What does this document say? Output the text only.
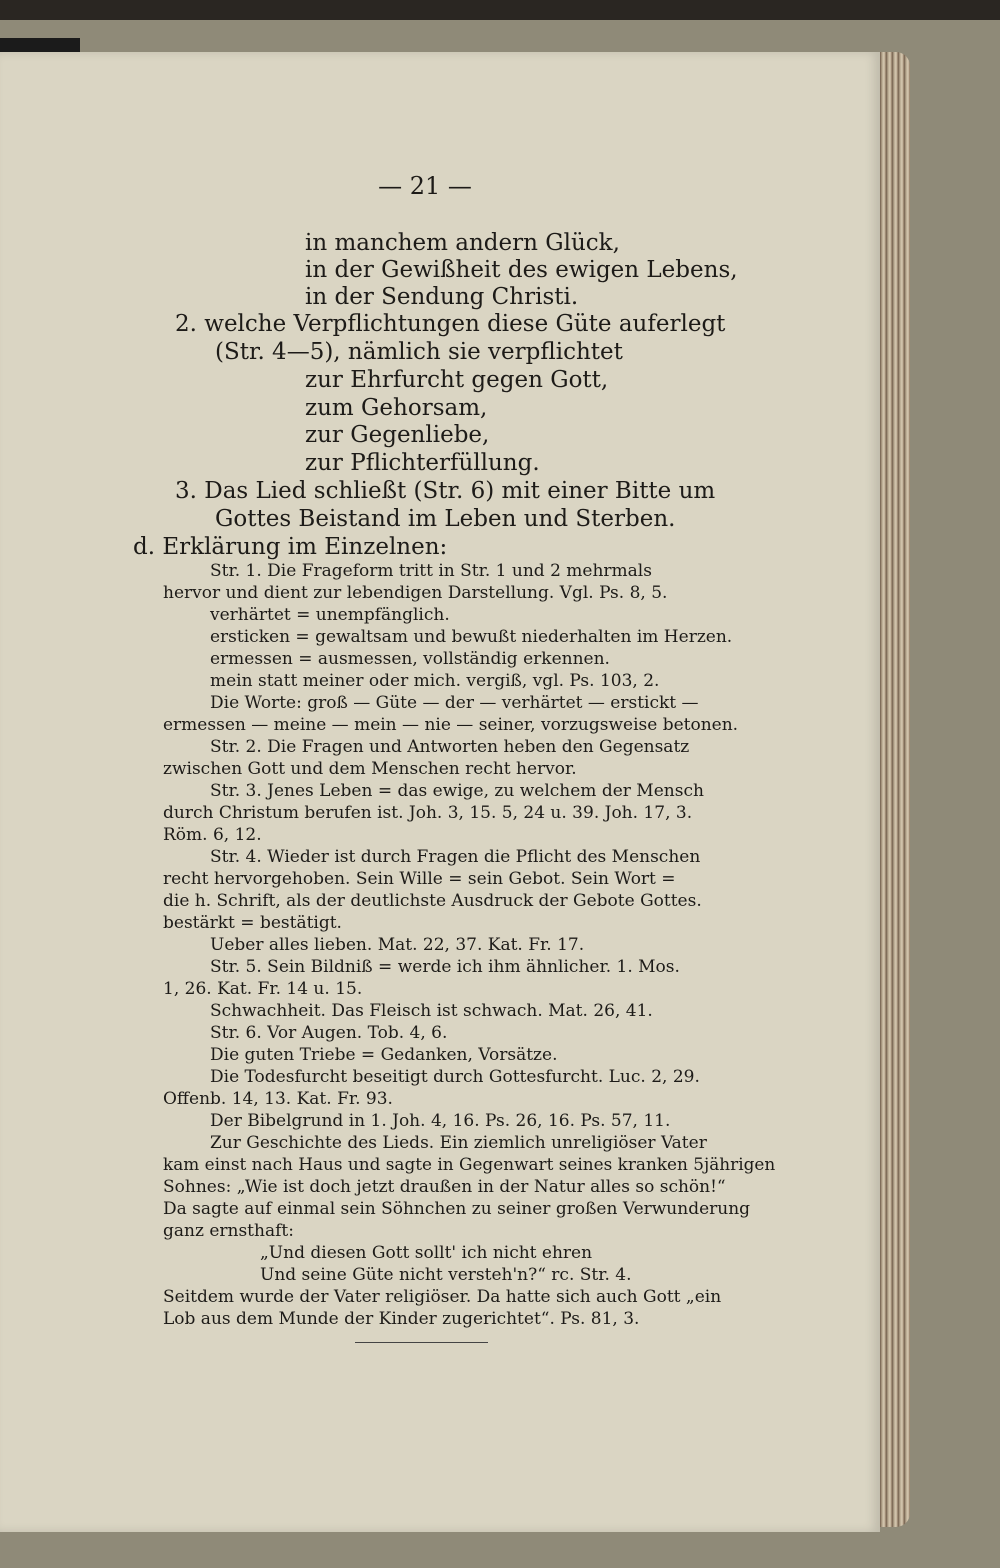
— 21 —
in manchem andern Glück,
in der Gewißheit des ewigen Lebens,
in der Sendung Christi.
2. welche Verpflichtungen diese Güte auferlegt
(Str. 4—5), nämlich sie verpflichtet
zur Ehrfurcht gegen Gott,
zum Gehorsam,
zur Gegenliebe,
zur Pflichterfüllung.
3. Das Lied schließt (Str. 6) mit einer Bitte um
Gottes Beistand im Leben und Sterben.
d. Erklärung im Einzelnen:
Str. 1. Die Frageform tritt in Str. 1 und 2 mehrmals
hervor und dient zur lebendigen Darstellung. Vgl. Ps. 8, 5.
verhärtet = unempfänglich.
ersticken = gewaltsam und bewußt niederhalten im Herzen.
ermessen = ausmessen, vollständig erkennen.
mein statt meiner oder mich. vergiß, vgl. Ps. 103, 2.
Die Worte: groß — Güte — der — verhärtet — erstickt —
ermessen — meine — mein — nie — seiner, vorzugsweise betonen.
Str. 2. Die Fragen und Antworten heben den Gegensatz
zwischen Gott und dem Menschen recht hervor.
Str. 3. Jenes Leben = das ewige, zu welchem der Mensch
durch Christum berufen ist. Joh. 3, 15. 5, 24 u. 39. Joh. 17, 3.
Röm. 6, 12.
Str. 4. Wieder ist durch Fragen die Pflicht des Menschen
recht hervorgehoben. Sein Wille = sein Gebot. Sein Wort =
die h. Schrift, als der deutlichste Ausdruck der Gebote Gottes.
bestärkt = bestätigt.
Ueber alles lieben. Mat. 22, 37. Kat. Fr. 17.
Str. 5. Sein Bildniß = werde ich ihm ähnlicher. 1. Mos.
1, 26. Kat. Fr. 14 u. 15.
Schwachheit. Das Fleisch ist schwach. Mat. 26, 41.
Str. 6. Vor Augen. Tob. 4, 6.
Die guten Triebe = Gedanken, Vorsätze.
Die Todesfurcht beseitigt durch Gottesfurcht. Luc. 2, 29.
Offenb. 14, 13. Kat. Fr. 93.
Der Bibelgrund in 1. Joh. 4, 16. Ps. 26, 16. Ps. 57, 11.
Zur Geschichte des Lieds. Ein ziemlich unreligiöser Vater
kam einst nach Haus und sagte in Gegenwart seines kranken 5jährigen
Sohnes: „Wie ist doch jetzt draußen in der Natur alles so schön!“
Da sagte auf einmal sein Söhnchen zu seiner großen Verwunderung
ganz ernsthaft:
„Und diesen Gott sollt' ich nicht ehren
Und seine Güte nicht versteh'n?“ rc. Str. 4.
Seitdem wurde der Vater religiöser. Da hatte sich auch Gott „ein
Lob aus dem Munde der Kinder zugerichtet“. Ps. 81, 3.
